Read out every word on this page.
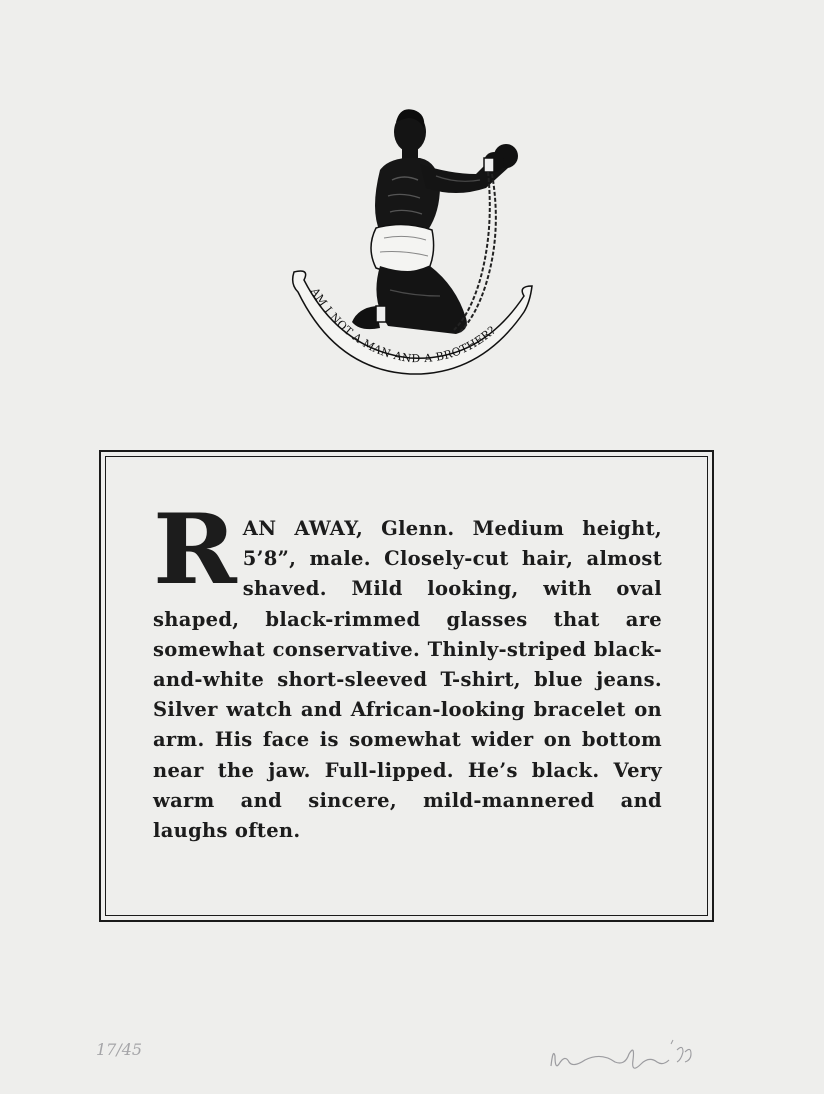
AM I NOT A MAN AND A BROTHER?
R AN AWAY, Glenn. Medium height, 5’8”, male. Closely-cut hair, almost shaved. Mild looking, with oval shaped, black-rimmed glasses that are somewhat conservative. Thinly-striped black-and-white short-sleeved T-shirt, blue jeans. Silver watch and African-looking bracelet on arm. His face is somewhat wider on bottom near the jaw. Full-lipped. He’s black. Very warm and sincere, mild-mannered and laughs often.
17/45
